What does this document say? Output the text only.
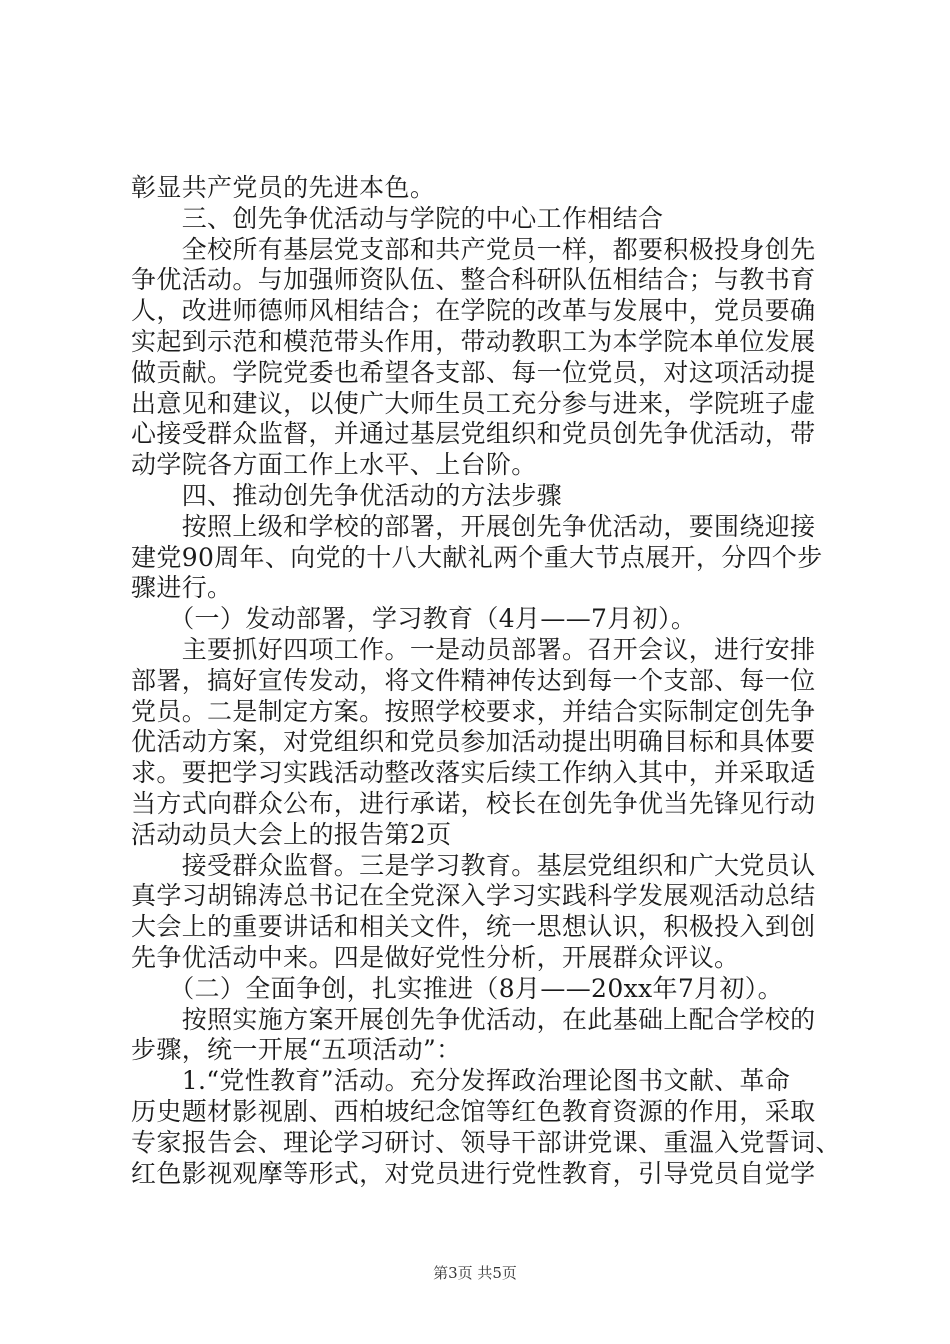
彰显共产党员的先进本色。
　　三、创先争优活动与学院的中心工作相结合
　　全校所有基层党支部和共产党员一样，都要积极投身创先
争优活动。与加强师资队伍、整合科研队伍相结合；与教书育
人，改进师德师风相结合；在学院的改革与发展中，党员要确
实起到示范和模范带头作用，带动教职工为本学院本单位发展
做贡献。学院党委也希望各支部、每一位党员，对这项活动提
出意见和建议，以使广大师生员工充分参与进来，学院班子虚
心接受群众监督，并通过基层党组织和党员创先争优活动，带
动学院各方面工作上水平、上台阶。
　　四、推动创先争优活动的方法步骤
　　按照上级和学校的部署，开展创先争优活动，要围绕迎接
建党90周年、向党的十八大献礼两个重大节点展开，分四个步
骤进行。
　　（一）发动部署，学习教育（4月——7月初）。
　　主要抓好四项工作。一是动员部署。召开会议，进行安排
部署，搞好宣传发动，将文件精神传达到每一个支部、每一位
党员。二是制定方案。按照学校要求，并结合实际制定创先争
优活动方案，对党组织和党员参加活动提出明确目标和具体要
求。要把学习实践活动整改落实后续工作纳入其中，并采取适
当方式向群众公布，进行承诺，校长在创先争优当先锋见行动
活动动员大会上的报告第2页
　　接受群众监督。三是学习教育。基层党组织和广大党员认
真学习胡锦涛总书记在全党深入学习实践科学发展观活动总结
大会上的重要讲话和相关文件，统一思想认识，积极投入到创
先争优活动中来。四是做好党性分析，开展群众评议。
　　（二）全面争创，扎实推进（8月——20xx年7月初）。
　　按照实施方案开展创先争优活动，在此基础上配合学校的
步骤，统一开展“五项活动”：
　　1.“党性教育”活动。充分发挥政治理论图书文献、革命
历史题材影视剧、西柏坡纪念馆等红色教育资源的作用，采取
专家报告会、理论学习研讨、领导干部讲党课、重温入党誓词、
红色影视观摩等形式，对党员进行党性教育，引导党员自觉学
第3页 共5页
